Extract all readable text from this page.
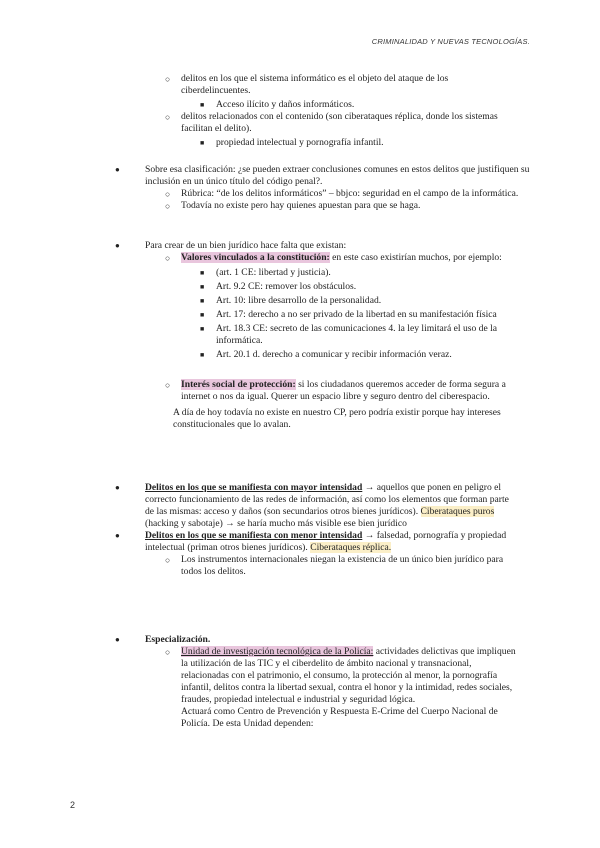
CRIMINALIDAD Y NUEVAS TECNOLOGÍAS.
○ delitos en los que el sistema informático es el objeto del ataque de los ciberdelincuentes.
■ Acceso ilícito y daños informáticos.
○ delitos relacionados con el contenido (son ciberataques réplica, donde los sistemas facilitan el delito).
■ propiedad intelectual y pornografía infantil.
●	Sobre esa clasificación: ¿se pueden extraer conclusiones comunes en estos delitos que justifiquen su inclusión en un único título del código penal?.
○ Rúbrica: “de los delitos informáticos” – bbjco: seguridad en el campo de la informática.
○ Todavía no existe pero hay quienes apuestan para que se haga.
●	Para crear de un bien jurídico hace falta que existan:
○ Valores vinculados a la constitución: en este caso existirían muchos, por ejemplo:
■ (art. 1 CE: libertad y justicia).
■ Art. 9.2 CE: remover los obstáculos.
■ Art. 10: libre desarrollo de la personalidad.
■ Art. 17: derecho a no ser privado de la libertad en su manifestación física
■ Art. 18.3 CE: secreto de las comunicaciones 4. la ley limitará el uso de la informática.
■ Art. 20.1 d. derecho a comunicar y recibir información veraz.
○ Interés social de protección: si los ciudadanos queremos acceder de forma segura a internet o nos da igual. Querer un espacio libre y seguro dentro del ciberespacio.
A día de hoy todavía no existe en nuestro CP, pero podría existir porque hay intereses constitucionales que lo avalan.
●	Delitos en los que se manifiesta con mayor intensidad → aquellos que ponen en peligro el correcto funcionamiento de las redes de información, así como los elementos que forman parte de las mismas: acceso y daños (son secundarios otros bienes jurídicos). Ciberataques puros (hacking y sabotaje) → se haría mucho más visible ese bien jurídico
●	Delitos en los que se manifiesta con menor intensidad → falsedad, pornografía y propiedad intelectual (priman otros bienes jurídicos). Ciberataques réplica.
○ Los instrumentos internacionales niegan la existencia de un único bien jurídico para todos los delitos.
●	Especialización.
○ Unidad de investigación tecnológica de la Policía: actividades delictivas que impliquen la utilización de las TIC y el ciberdelito de ámbito nacional y transnacional, relacionadas con el patrimonio, el consumo, la protección al menor, la pornografía infantil, delitos contra la libertad sexual, contra el honor y la intimidad, redes sociales, fraudes, propiedad intelectual e industrial y seguridad lógica.
Actuará como Centro de Prevención y Respuesta E-Crime del Cuerpo Nacional de Policía. De esta Unidad dependen:
2
